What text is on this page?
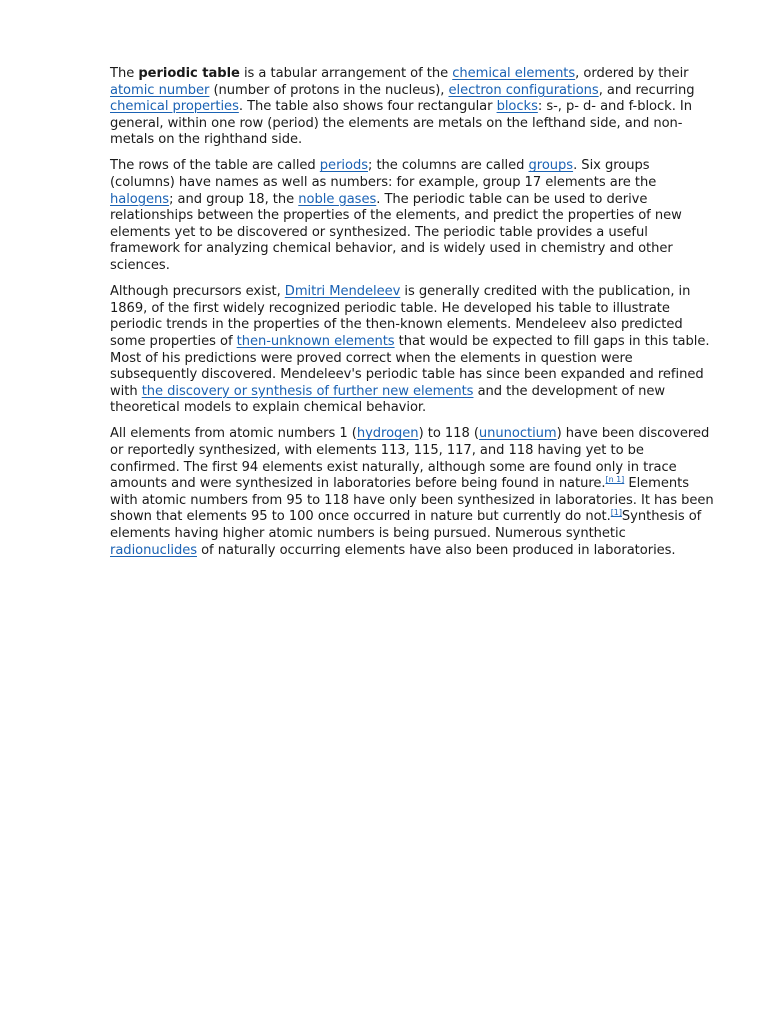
The periodic table is a tabular arrangement of the chemical elements, ordered by their atomic number (number of protons in the nucleus), electron configurations, and recurring chemical properties. The table also shows four rectangular blocks: s-, p- d- and f-block. In general, within one row (period) the elements are metals on the lefthand side, and non-metals on the righthand side.

The rows of the table are called periods; the columns are called groups. Six groups (columns) have names as well as numbers: for example, group 17 elements are the halogens; and group 18, the noble gases. The periodic table can be used to derive relationships between the properties of the elements, and predict the properties of new elements yet to be discovered or synthesized. The periodic table provides a useful framework for analyzing chemical behavior, and is widely used in chemistry and other sciences.

Although precursors exist, Dmitri Mendeleev is generally credited with the publication, in 1869, of the first widely recognized periodic table. He developed his table to illustrate periodic trends in the properties of the then-known elements. Mendeleev also predicted some properties of then-unknown elements that would be expected to fill gaps in this table. Most of his predictions were proved correct when the elements in question were subsequently discovered. Mendeleev's periodic table has since been expanded and refined with the discovery or synthesis of further new elements and the development of new theoretical models to explain chemical behavior.

All elements from atomic numbers 1 (hydrogen) to 118 (ununoctium) have been discovered or reportedly synthesized, with elements 113, 115, 117, and 118 having yet to be confirmed. The first 94 elements exist naturally, although some are found only in trace amounts and were synthesized in laboratories before being found in nature.[n 1] Elements with atomic numbers from 95 to 118 have only been synthesized in laboratories. It has been shown that elements 95 to 100 once occurred in nature but currently do not.[1]Synthesis of elements having higher atomic numbers is being pursued. Numerous synthetic radionuclides of naturally occurring elements have also been produced in laboratories.
